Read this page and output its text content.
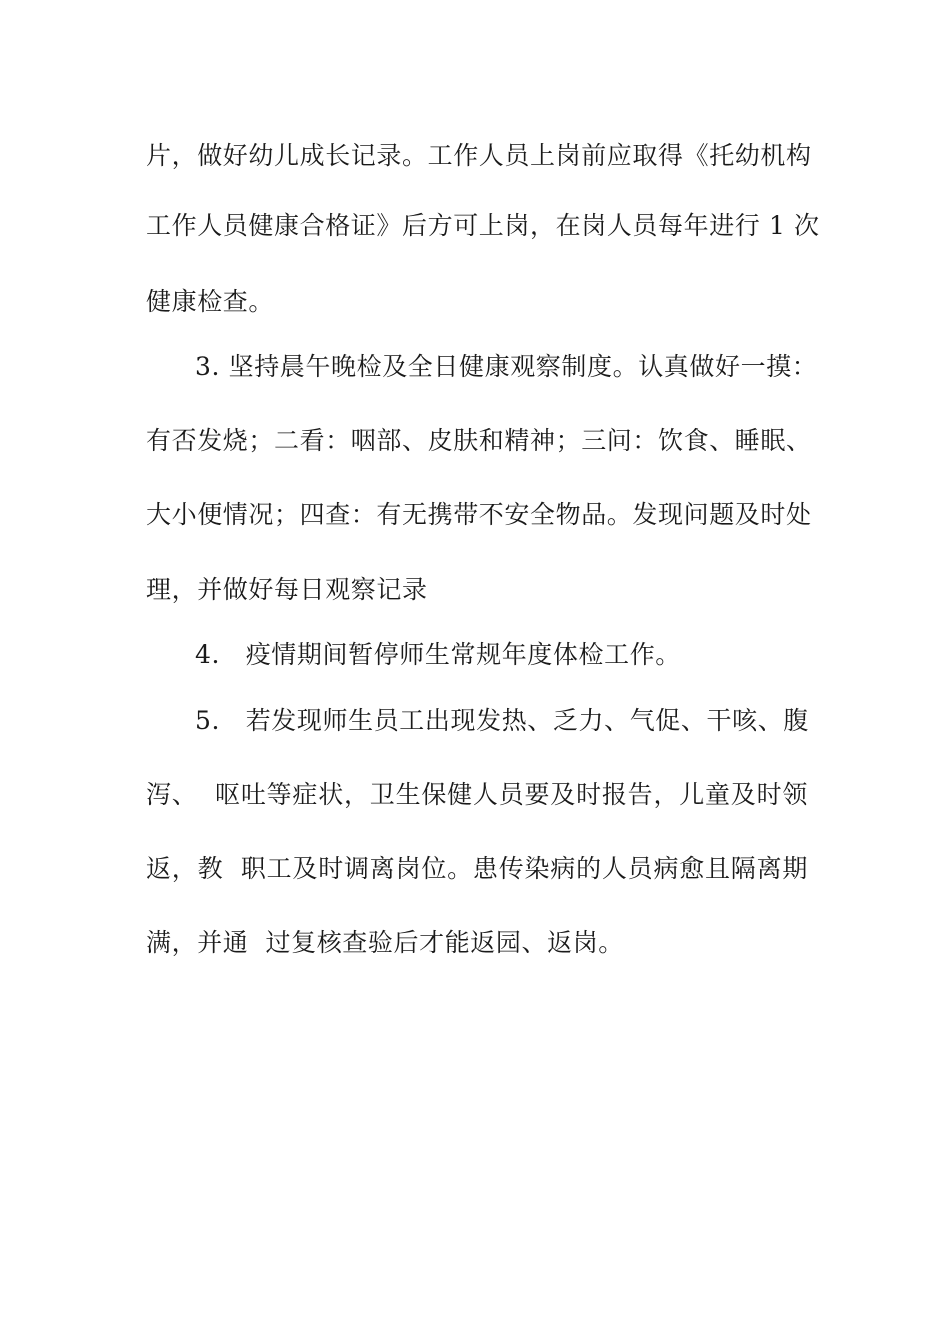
片，做好幼儿成长记录。工作人员上岗前应取得《托幼机构
工作人员健康合格证》后方可上岗，在岗人员每年进行 1 次
健康检查。
3. 坚持晨午晚检及全日健康观察制度。认真做好一摸：
有否发烧；二看：咽部、皮肤和精神；三问：饮食、睡眠、
大小便情况；四查：有无携带不安全物品。发现问题及时处
理，并做好每日观察记录
4.   疫情期间暂停师生常规年度体检工作。
5.   若发现师生员工出现发热、乏力、气促、干咳、腹
泻、  呕吐等症状，卫生保健人员要及时报告，儿童及时领
返，教  职工及时调离岗位。患传染病的人员病愈且隔离期
满，并通  过复核查验后才能返园、返岗。
